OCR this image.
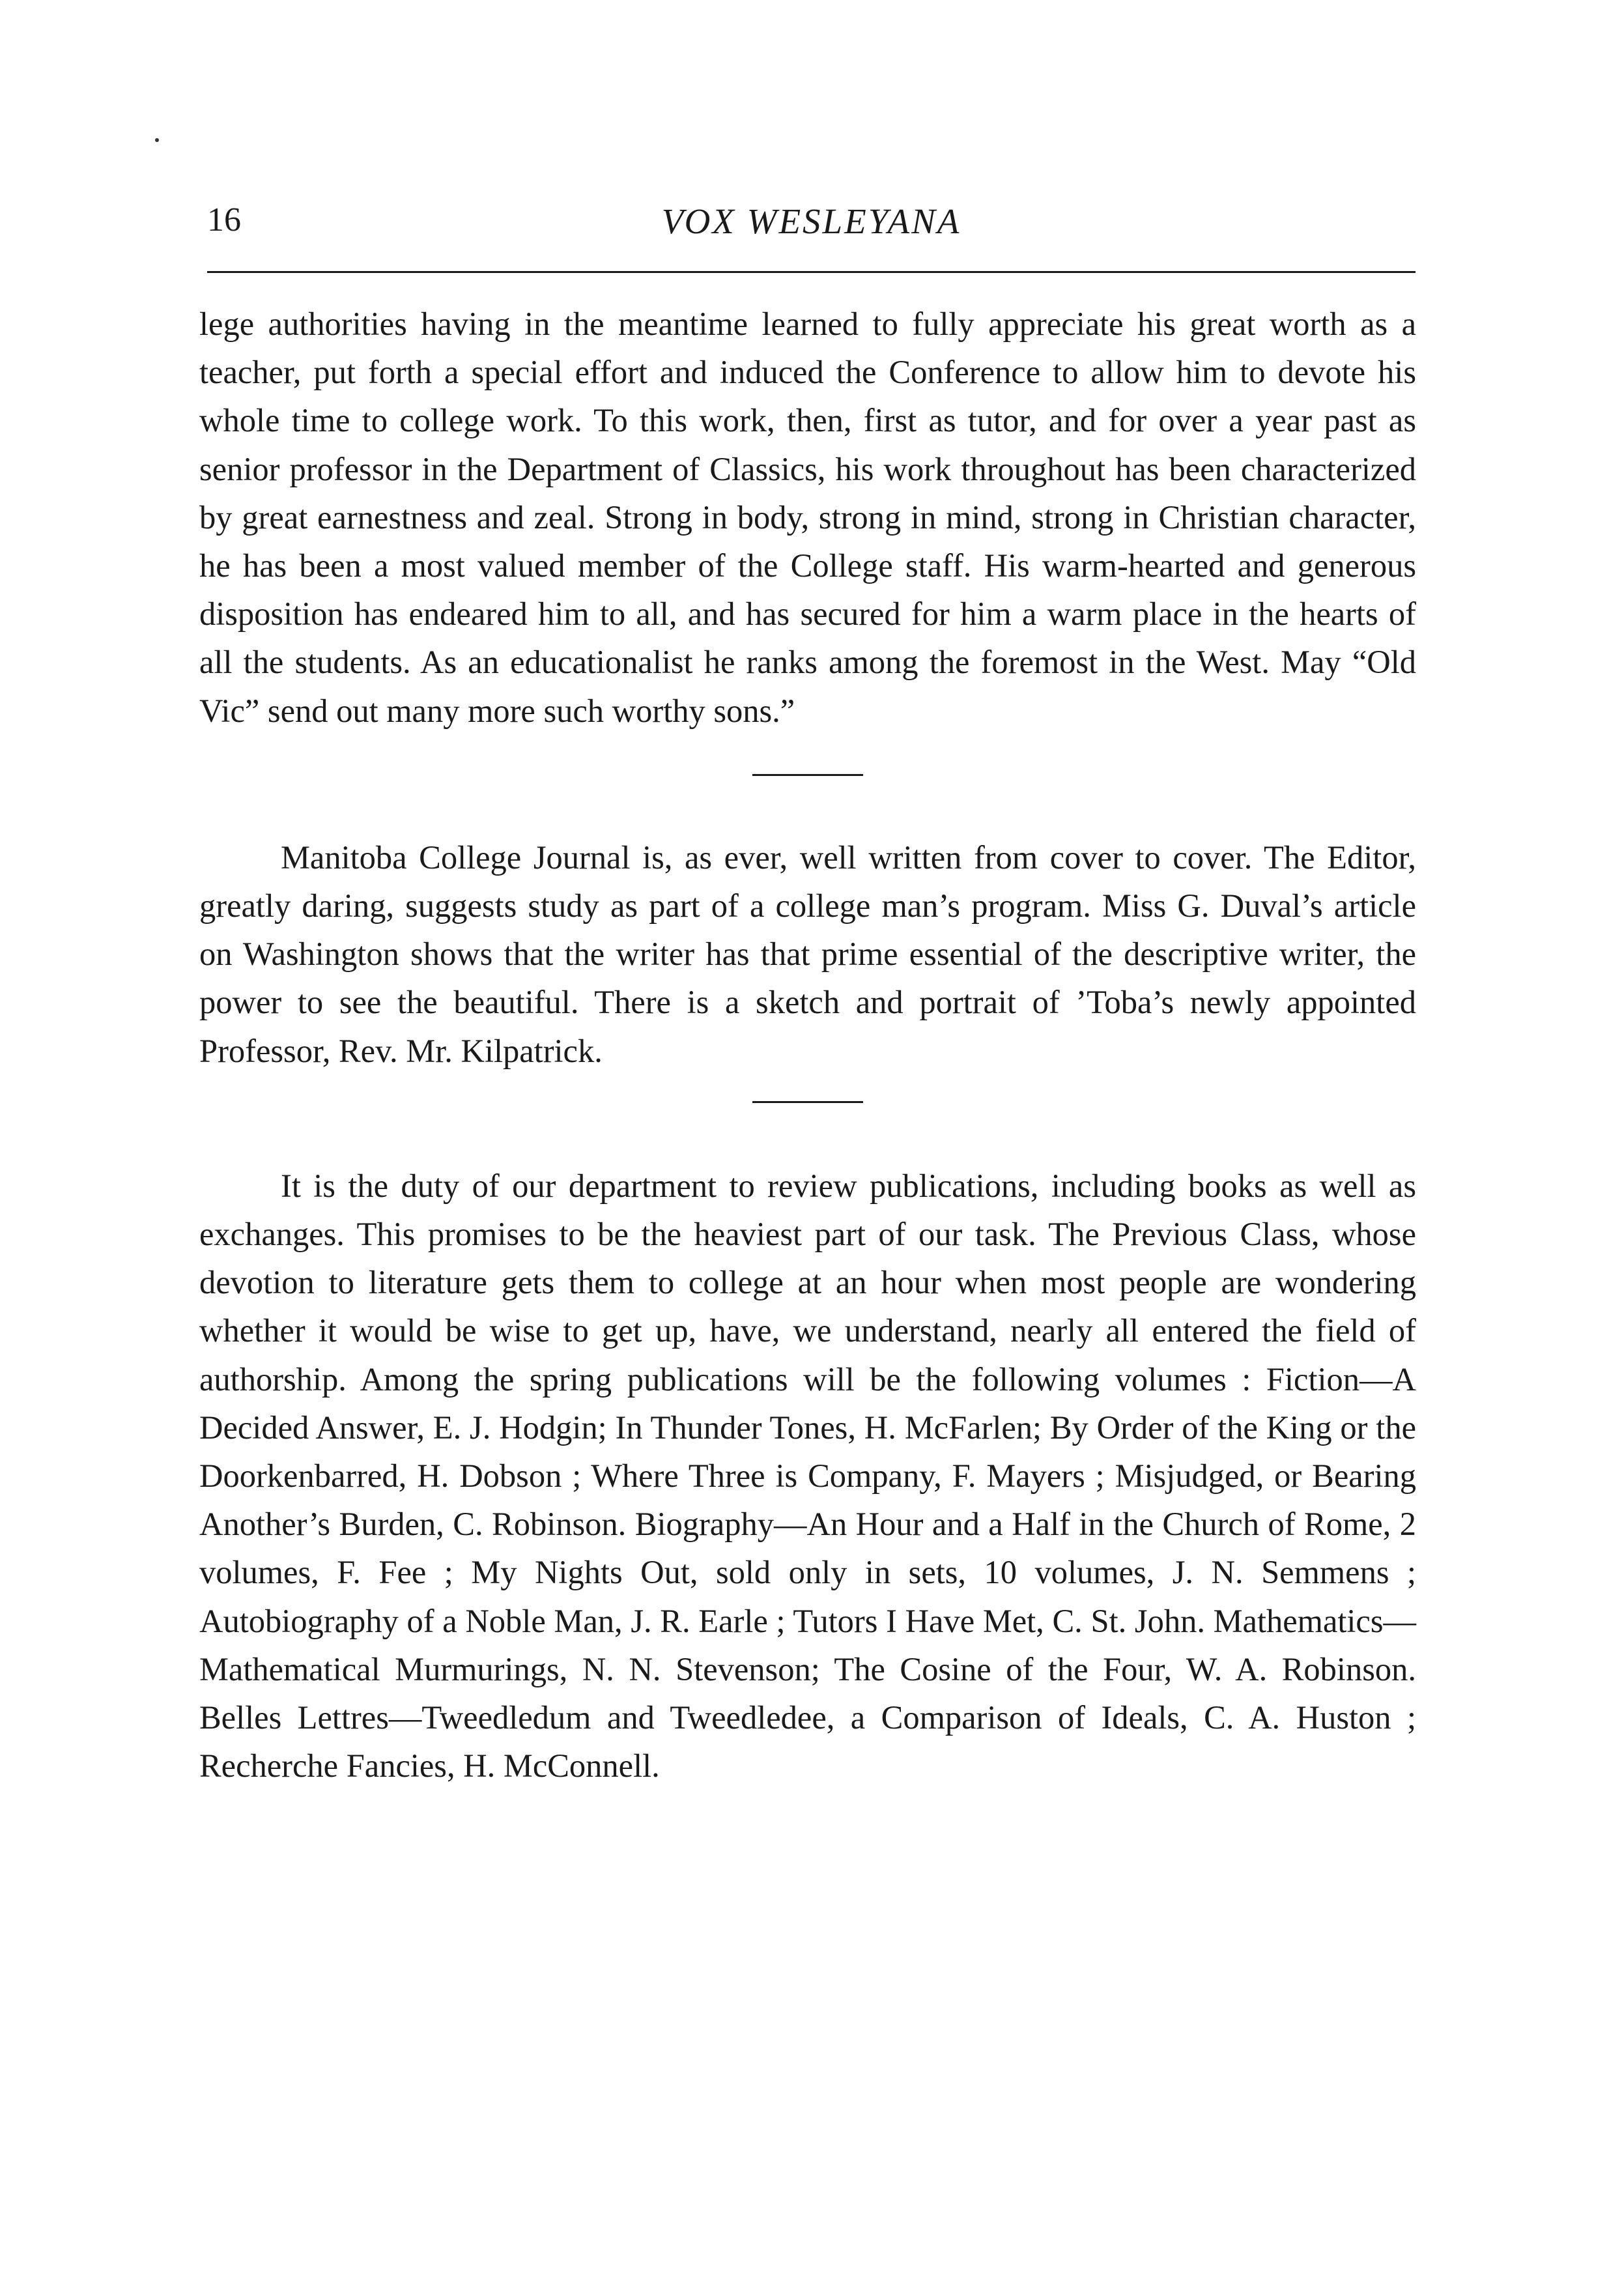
16	VOX WESLEYANA

lege authorities having in the meantime learned to fully appreciate his great worth as a teacher, put forth a special effort and induced the Conference to allow him to devote his whole time to college work. To this work, then, first as tutor, and for over a year past as senior professor in the Department of Classics, his work throughout has been characterized by great earnestness and zeal. Strong in body, strong in mind, strong in Christian character, he has been a most valued member of the College staff. His warm-hearted and generous disposition has endeared him to all, and has secured for him a warm place in the hearts of all the students. As an educationalist he ranks among the foremost in the West. May “Old Vic” send out many more such worthy sons.”

Manitoba College Journal is, as ever, well written from cover to cover. The Editor, greatly daring, suggests study as part of a college man’s program. Miss G. Duval’s article on Washington shows that the writer has that prime essential of the descriptive writer, the power to see the beautiful. There is a sketch and portrait of ’Toba’s newly appointed Professor, Rev. Mr. Kilpatrick.

It is the duty of our department to review publications, including books as well as exchanges. This promises to be the heaviest part of our task. The Previous Class, whose devotion to literature gets them to college at an hour when most people are wondering whether it would be wise to get up, have, we understand, nearly all entered the field of authorship. Among the spring publications will be the following volumes : Fiction—A Decided Answer, E. J. Hodgin; In Thunder Tones, H. McFarlen; By Order of the King or the Doorkenbarred, H. Dobson ; Where Three is Company, F. Mayers ; Misjudged, or Bearing Another’s Burden, C. Robinson. Biography—An Hour and a Half in the Church of Rome, 2 volumes, F. Fee ; My Nights Out, sold only in sets, 10 volumes, J. N. Semmens ; Autobiography of a Noble Man, J. R. Earle ; Tutors I Have Met, C. St. John. Mathematics—Mathematical Murmurings, N. N. Stevenson; The Cosine of the Four, W. A. Robinson. Belles Lettres—Tweedledum and Tweedledee, a Comparison of Ideals, C. A. Huston ; Recherche Fancies, H. McConnell.
